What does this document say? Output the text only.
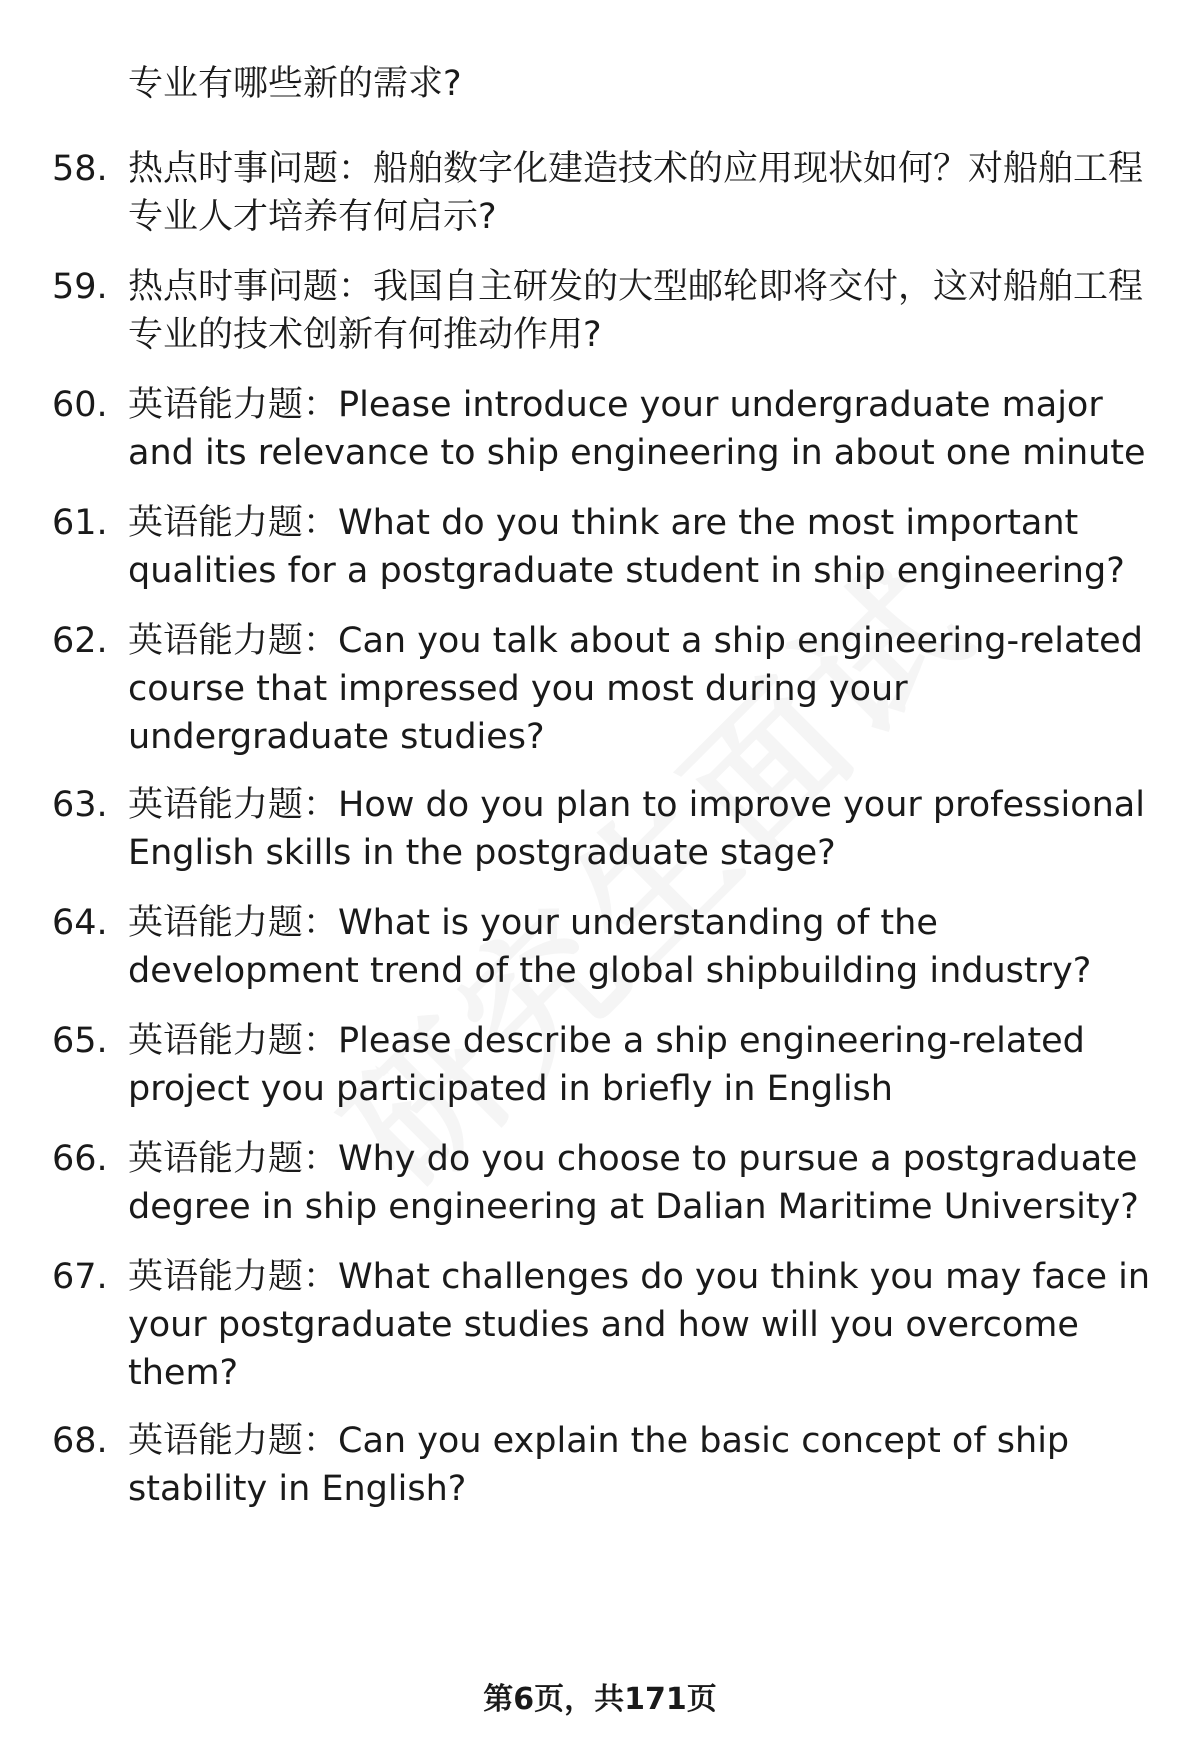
专业有哪些新的需求?
58. 热点时事问题：船舶数字化建造技术的应用现状如何？对船舶工程专业人才培养有何启示?
59. 热点时事问题：我国自主研发的大型邮轮即将交付，这对船舶工程专业的技术创新有何推动作用?
60. 英语能力题：Please introduce your undergraduate major and its relevance to ship engineering in about one minute
61. 英语能力题：What do you think are the most important qualities for a postgraduate student in ship engineering?
62. 英语能力题：Can you talk about a ship engineering-related course that impressed you most during your undergraduate studies?
63. 英语能力题：How do you plan to improve your professional English skills in the postgraduate stage?
64. 英语能力题：What is your understanding of the development trend of the global shipbuilding industry?
65. 英语能力题：Please describe a ship engineering-related project you participated in briefly in English
66. 英语能力题：Why do you choose to pursue a postgraduate degree in ship engineering at Dalian Maritime University?
67. 英语能力题：What challenges do you think you may face in your postgraduate studies and how will you overcome them?
68. 英语能力题：Can you explain the basic concept of ship stability in English?
第6页，共171页
